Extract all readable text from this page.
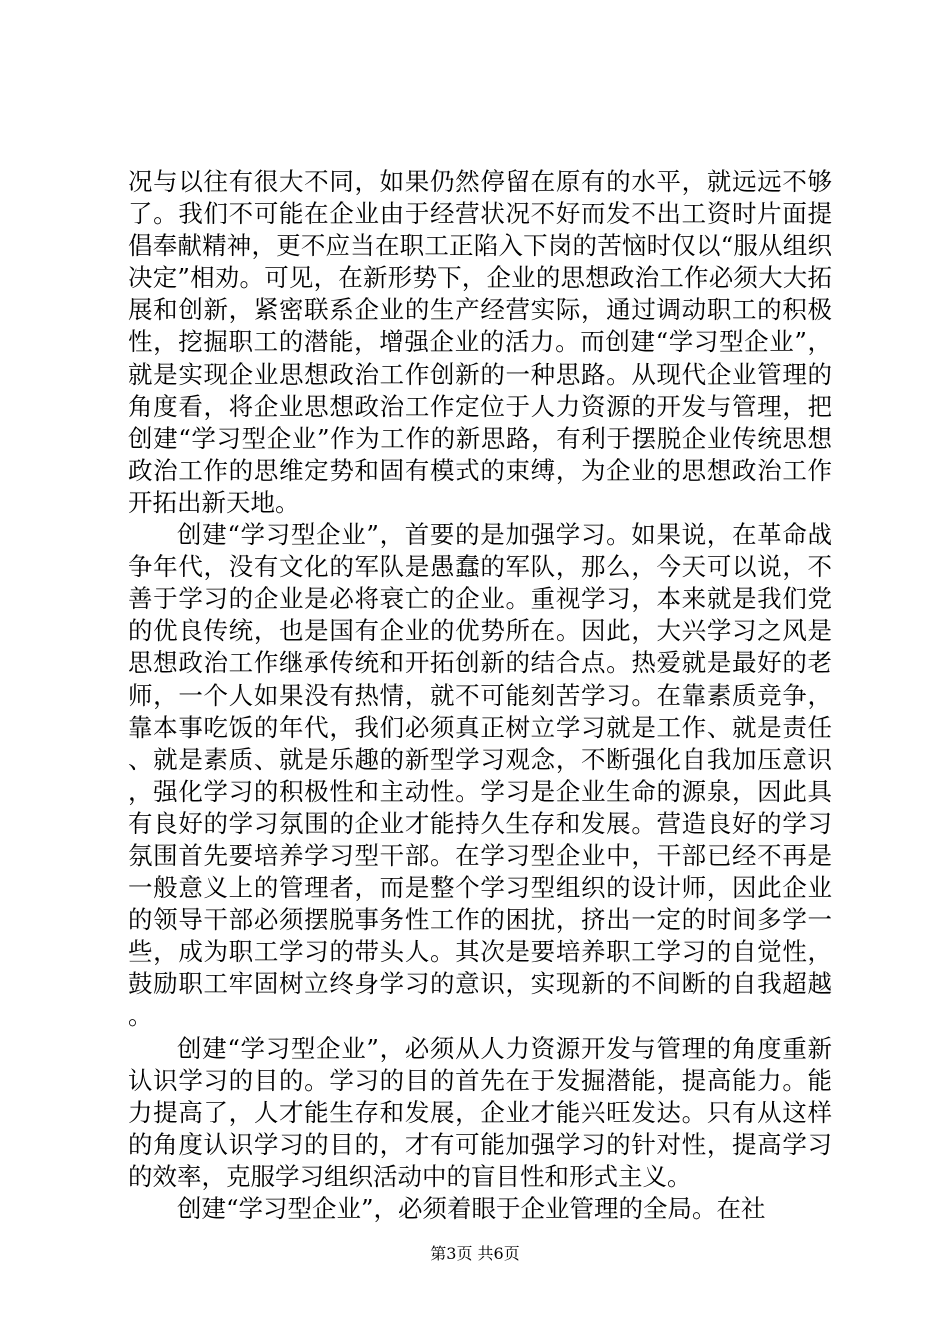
况与以往有很大不同，如果仍然停留在原有的水平，就远远不够了。我们不可能在企业由于经营状况不好而发不出工资时片面提倡奉献精神，更不应当在职工正陷入下岗的苦恼时仅以“服从组织决定”相劝。可见，在新形势下，企业的思想政治工作必须大大拓展和创新，紧密联系企业的生产经营实际，通过调动职工的积极性，挖掘职工的潜能，增强企业的活力。而创建“学习型企业”，就是实现企业思想政治工作创新的一种思路。从现代企业管理的角度看，将企业思想政治工作定位于人力资源的开发与管理，把创建“学习型企业”作为工作的新思路，有利于摆脱企业传统思想政治工作的思维定势和固有模式的束缚，为企业的思想政治工作开拓出新天地。

创建“学习型企业”，首要的是加强学习。如果说，在革命战争年代，没有文化的军队是愚蠢的军队，那么，今天可以说，不善于学习的企业是必将衰亡的企业。重视学习，本来就是我们党的优良传统，也是国有企业的优势所在。因此，大兴学习之风是思想政治工作继承传统和开拓创新的结合点。热爱就是最好的老师，一个人如果没有热情，就不可能刻苦学习。在靠素质竞争，靠本事吃饭的年代，我们必须真正树立学习就是工作、就是责任、就是素质、就是乐趣的新型学习观念，不断强化自我加压意识，强化学习的积极性和主动性。学习是企业生命的源泉，因此具有良好的学习氛围的企业才能持久生存和发展。营造良好的学习氛围首先要培养学习型干部。在学习型企业中，干部已经不再是一般意义上的管理者，而是整个学习型组织的设计师，因此企业的领导干部必须摆脱事务性工作的困扰，挤出一定的时间多学一些，成为职工学习的带头人。其次是要培养职工学习的自觉性，鼓励职工牢固树立终身学习的意识，实现新的不间断的自我超越。

创建“学习型企业”，必须从人力资源开发与管理的角度重新认识学习的目的。学习的目的首先在于发掘潜能，提高能力。能力提高了，人才能生存和发展，企业才能兴旺发达。只有从这样的角度认识学习的目的，才有可能加强学习的针对性，提高学习的效率，克服学习组织活动中的盲目性和形式主义。

创建“学习型企业”，必须着眼于企业管理的全局。在社

第3页 共6页
